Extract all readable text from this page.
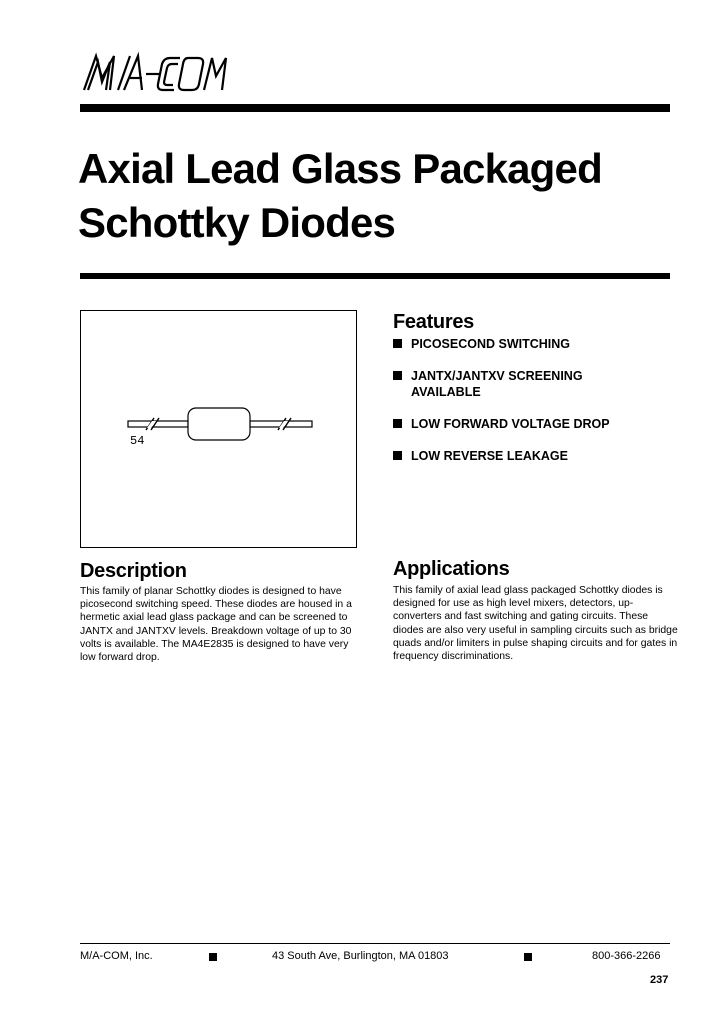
Axial Lead Glass Packaged
Schottky Diodes
54
Features
PICOSECOND SWITCHING
JANTX/JANTXV SCREENING AVAILABLE
LOW FORWARD VOLTAGE DROP
LOW REVERSE LEAKAGE
Description

This family of planar Schottky diodes is designed to have picosecond switching speed. These diodes are housed in a hermetic axial lead glass package and can be screened to JANTX and JANTXV levels. Breakdown voltage of up to 30 volts is available. The MA4E2835 is designed to have very low forward drop.

Applications

This family of axial lead glass packaged Schottky diodes is designed for use as high level mixers, detectors, up-converters and fast switching and gating circuits. These diodes are also very useful in sampling circuits such as bridge quads and/or limiters in pulse shaping circuits and for gates in frequency discriminations.

M/A-COM, Inc.	43 South Ave, Burlington, MA 01803	800-366-2266
237
